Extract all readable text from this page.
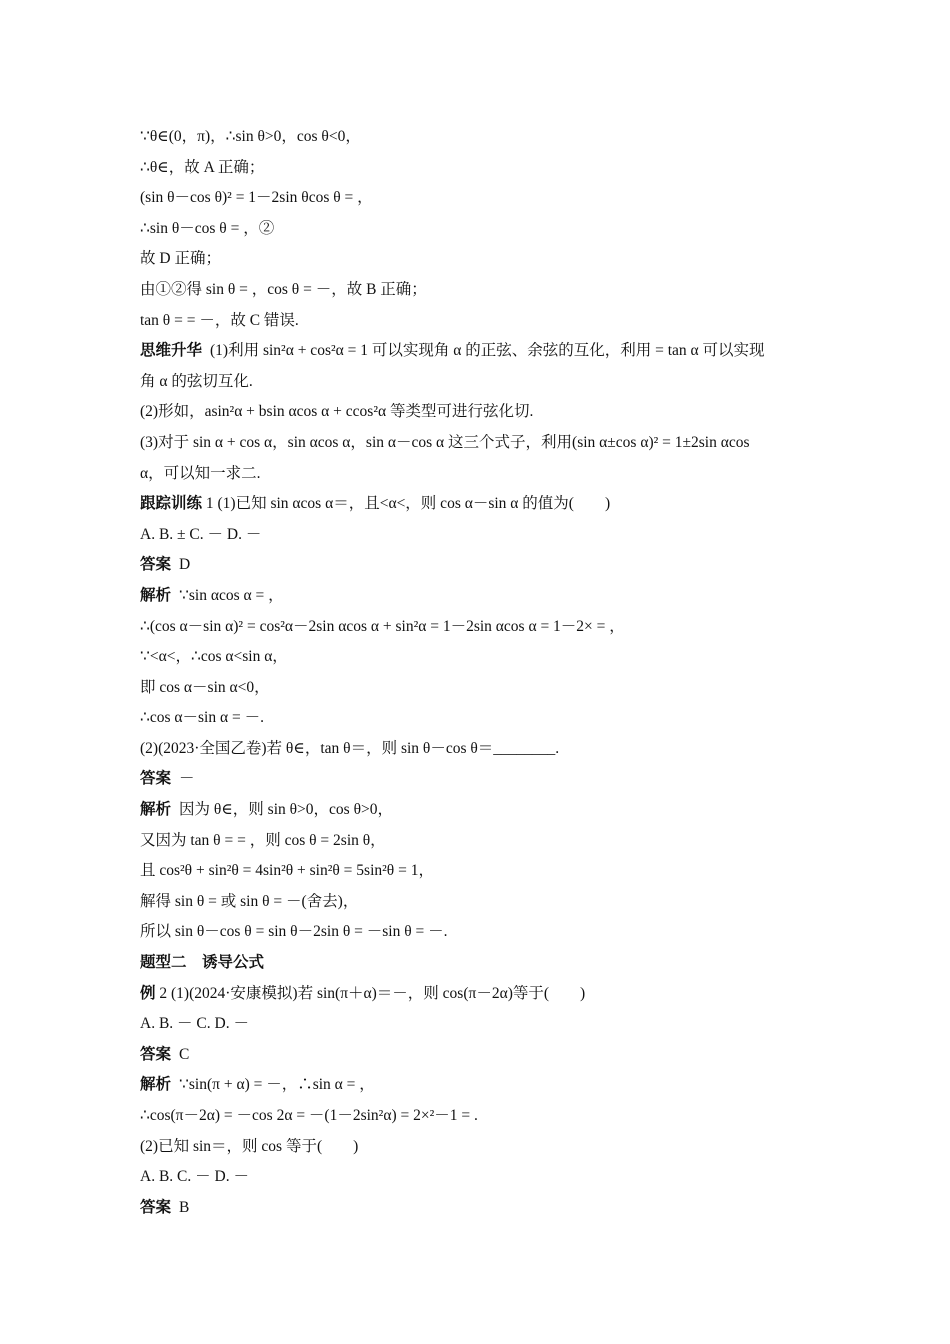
∵θ∈(0，π)，∴sin θ>0，cos θ<0，
∴θ∈，故 A 正确；
(sin θ－cos θ)² = 1－2sin θcos θ = ，
∴sin θ－cos θ = ，②
故 D 正确；
由①②得 sin θ = ，cos θ = －，故 B 正确；
tan θ = = －，故 C 错误.
思维升华 (1)利用 sin²α + cos²α = 1 可以实现角 α 的正弦、余弦的互化，利用 = tan α 可以实现
角 α 的弦切互化.
(2)形如，asin²α + bsin αcos α + ccos²α 等类型可进行弦化切.
(3)对于 sin α + cos α，sin αcos α，sin α－cos α 这三个式子，利用(sin α±cos α)² = 1±2sin αcos
α，可以知一求二.
跟踪训练 1 (1)已知 sin αcos α＝，且<α<，则 cos α－sin α 的值为(　　)
A. B. ± C. － D. －
答案 D
解析 ∵sin αcos α = ，
∴(cos α－sin α)² = cos²α－2sin αcos α + sin²α = 1－2sin αcos α = 1－2× = ，
∵<α<，∴cos α<sin α，
即 cos α－sin α<0，
∴cos α－sin α = －.
(2)(2023·全国乙卷)若 θ∈，tan θ＝，则 sin θ－cos θ＝________.
答案 －
解析 因为 θ∈，则 sin θ>0，cos θ>0，
又因为 tan θ = = ，则 cos θ = 2sin θ，
且 cos²θ + sin²θ = 4sin²θ + sin²θ = 5sin²θ = 1，
解得 sin θ = 或 sin θ = －(舍去)，
所以 sin θ－cos θ = sin θ－2sin θ = －sin θ = －.
题型二　诱导公式
例 2 (1)(2024·安康模拟)若 sin(π＋α)＝－，则 cos(π－2α)等于(　　)
A. B. － C. D. －
答案 C
解析 ∵sin(π + α) = －，∴sin α = ，
∴cos(π－2α) = －cos 2α = －(1－2sin²α) = 2×²－1 = .
(2)已知 sin＝，则 cos 等于(　　)
A. B. C. － D. －
答案 B
